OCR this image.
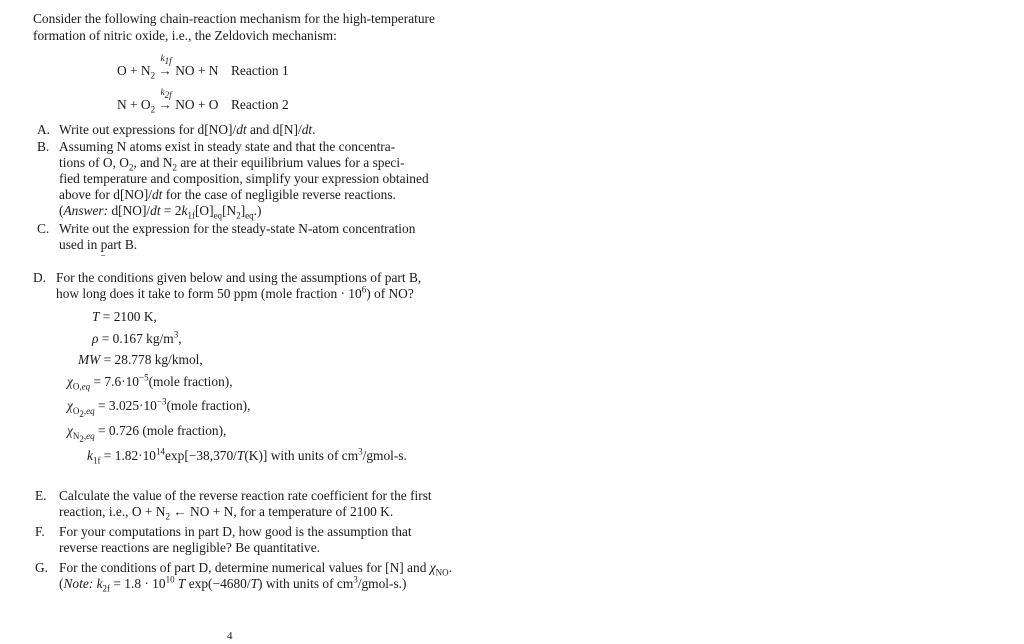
Consider the following chain-reaction mechanism for the high-temperature
formation of nitric oxide, i.e., the Zeldovich mechanism:
$O + N_2$
$k_{1f}$
→ NO + N Reaction 1
$N + O_2$
$k_{2f}$
→ NO + O Reaction 2
A. Write out expressions for d[NO]/dt and d[N]/dt.
B. Assuming N atoms exist in steady state and that the concentra-
tions of O, $O_2$, and $N_2$ are at their equilibrium values for a speci-
fied temperature and composition, simplify your expression obtained
above for d[NO]/dt for the case of negligible reverse reactions.
(Answer: $d[NO]/dt = 2k_{1f}[O]_{eq}[N_2]_{eq}$.)
C. Write out the expression for the steady-state N-atom concentration
used in part B.
D. For the conditions given below and using the assumptions of part B,
how long does it take to form 50 ppm (mole fraction · $10^6$) of NO?
T = 2100 K,
ρ = 0.167 $kg/m^3$,
MW = 28.778 kg/kmol,
$\chi_{O,eq}$ = $7.6\cdot 10^{-5}(mole$ fraction),
$\chi_{O_2,eq}$ = $3.025\cdot 10^{-3}(mole$ fraction),
$\chi_{N_2,eq} = 0.726$ (mole fraction),
$k_{1f} = 1.82\cdot 10^{14}\exp[-38,370/T(K)]$ with units of $cm^3/gmol-s$.
E. Calculate the value of the reverse reaction rate coefficient for the first
reaction, i.e., $O + N_2$ ← NO + N, for a temperature of 2100 K.
F. For your computations in part D, how good is the assumption that
reverse reactions are negligible? Be quantitative.
G. For the conditions of part D, determine numerical values for [N] and $\chi_{NO}$.
(Note: $k_{2f} = 1.8 \cdot 10^{10}$ T exp(−4680/T) with units of $cm^3/gmol-s$.)
4
